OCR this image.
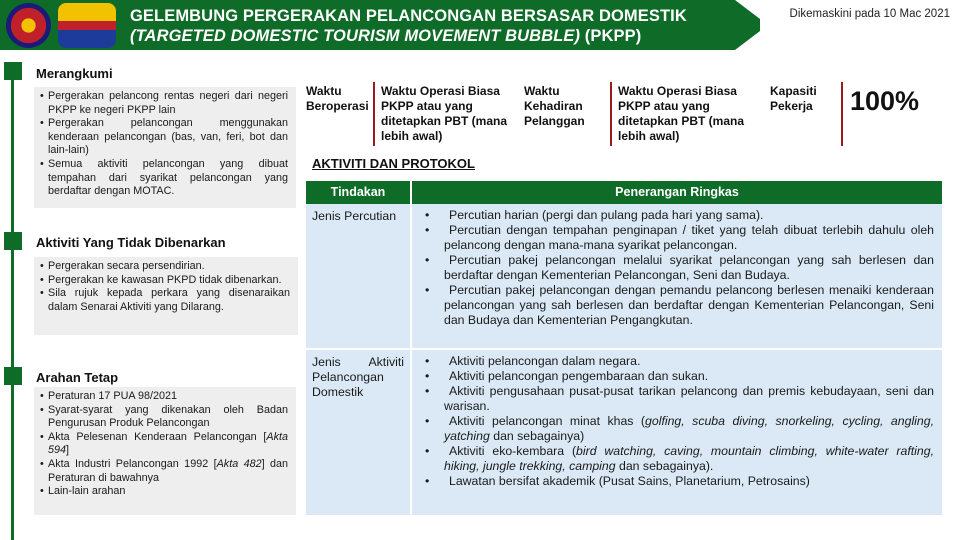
GELEMBUNG PERGERAKAN PELANCONGAN BERSASAR DOMESTIK
(TARGETED DOMESTIC TOURISM MOVEMENT BUBBLE) (PKPP)
Dikemaskini pada 10 Mac 2021
Merangkumi
• Pergerakan pelancong rentas negeri dari negeri PKPP ke negeri PKPP lain
• Pergerakan pelancongan menggunakan kenderaan pelancongan (bas, van, feri, bot dan lain-lain)
• Semua aktiviti pelancongan yang dibuat tempahan dari syarikat pelancongan yang berdaftar dengan MOTAC.
Aktiviti Yang Tidak Dibenarkan
• Pergerakan secara persendirian.
• Pergerakan ke kawasan PKPD tidak dibenarkan.
• Sila rujuk kepada perkara yang disenaraikan dalam Senarai Aktiviti yang Dilarang.
Arahan Tetap
• Peraturan 17 PUA 98/2021
• Syarat-syarat yang dikenakan oleh Badan Pengurusan Produk Pelancongan
• Akta Pelesenan Kenderaan Pelancongan [Akta 594]
• Akta Industri Pelancongan 1992 [Akta 482] dan Peraturan di bawahnya
• Lain-lain arahan
Waktu Beroperasi
Waktu Operasi Biasa PKPP atau yang ditetapkan PBT (mana lebih awal)
Waktu Kehadiran Pelanggan
Waktu Operasi Biasa PKPP atau yang ditetapkan PBT (mana lebih awal)
Kapasiti Pekerja	100%
AKTIVITI DAN PROTOKOL
Tindakan	Penerangan Ringkas
Jenis Percutian
•	Percutian harian (pergi dan pulang pada hari yang sama).
• Percutian dengan tempahan penginapan / tiket yang telah dibuat terlebih dahulu oleh pelancong dengan mana-mana syarikat pelancongan.
• Percutian pakej pelancongan melalui syarikat pelancongan yang sah berlesen dan berdaftar dengan Kementerian Pelancongan, Seni dan Budaya.
• Percutian pakej pelancongan dengan pemandu pelancong berlesen menaiki kenderaan pelancongan yang sah berlesen dan berdaftar dengan Kementerian Pelancongan, Seni dan Budaya dan Kementerian Pengangkutan.
Jenis Aktiviti
Pelancongan Domestik
• Aktiviti pelancongan dalam negara.
• Aktiviti pelancongan pengembaraan dan sukan.
• Aktiviti pengusahaan pusat-pusat tarikan pelancong dan premis kebudayaan, seni dan warisan.
• Aktiviti pelancongan minat khas (golfing, scuba diving, snorkeling, cycling, angling, yatching dan sebagainya)
• Aktiviti eko-kembara (bird watching, caving, mountain climbing, white-water rafting, hiking, jungle trekking, camping dan sebagainya).
• Lawatan bersifat akademik (Pusat Sains, Planetarium, Petrosains)
